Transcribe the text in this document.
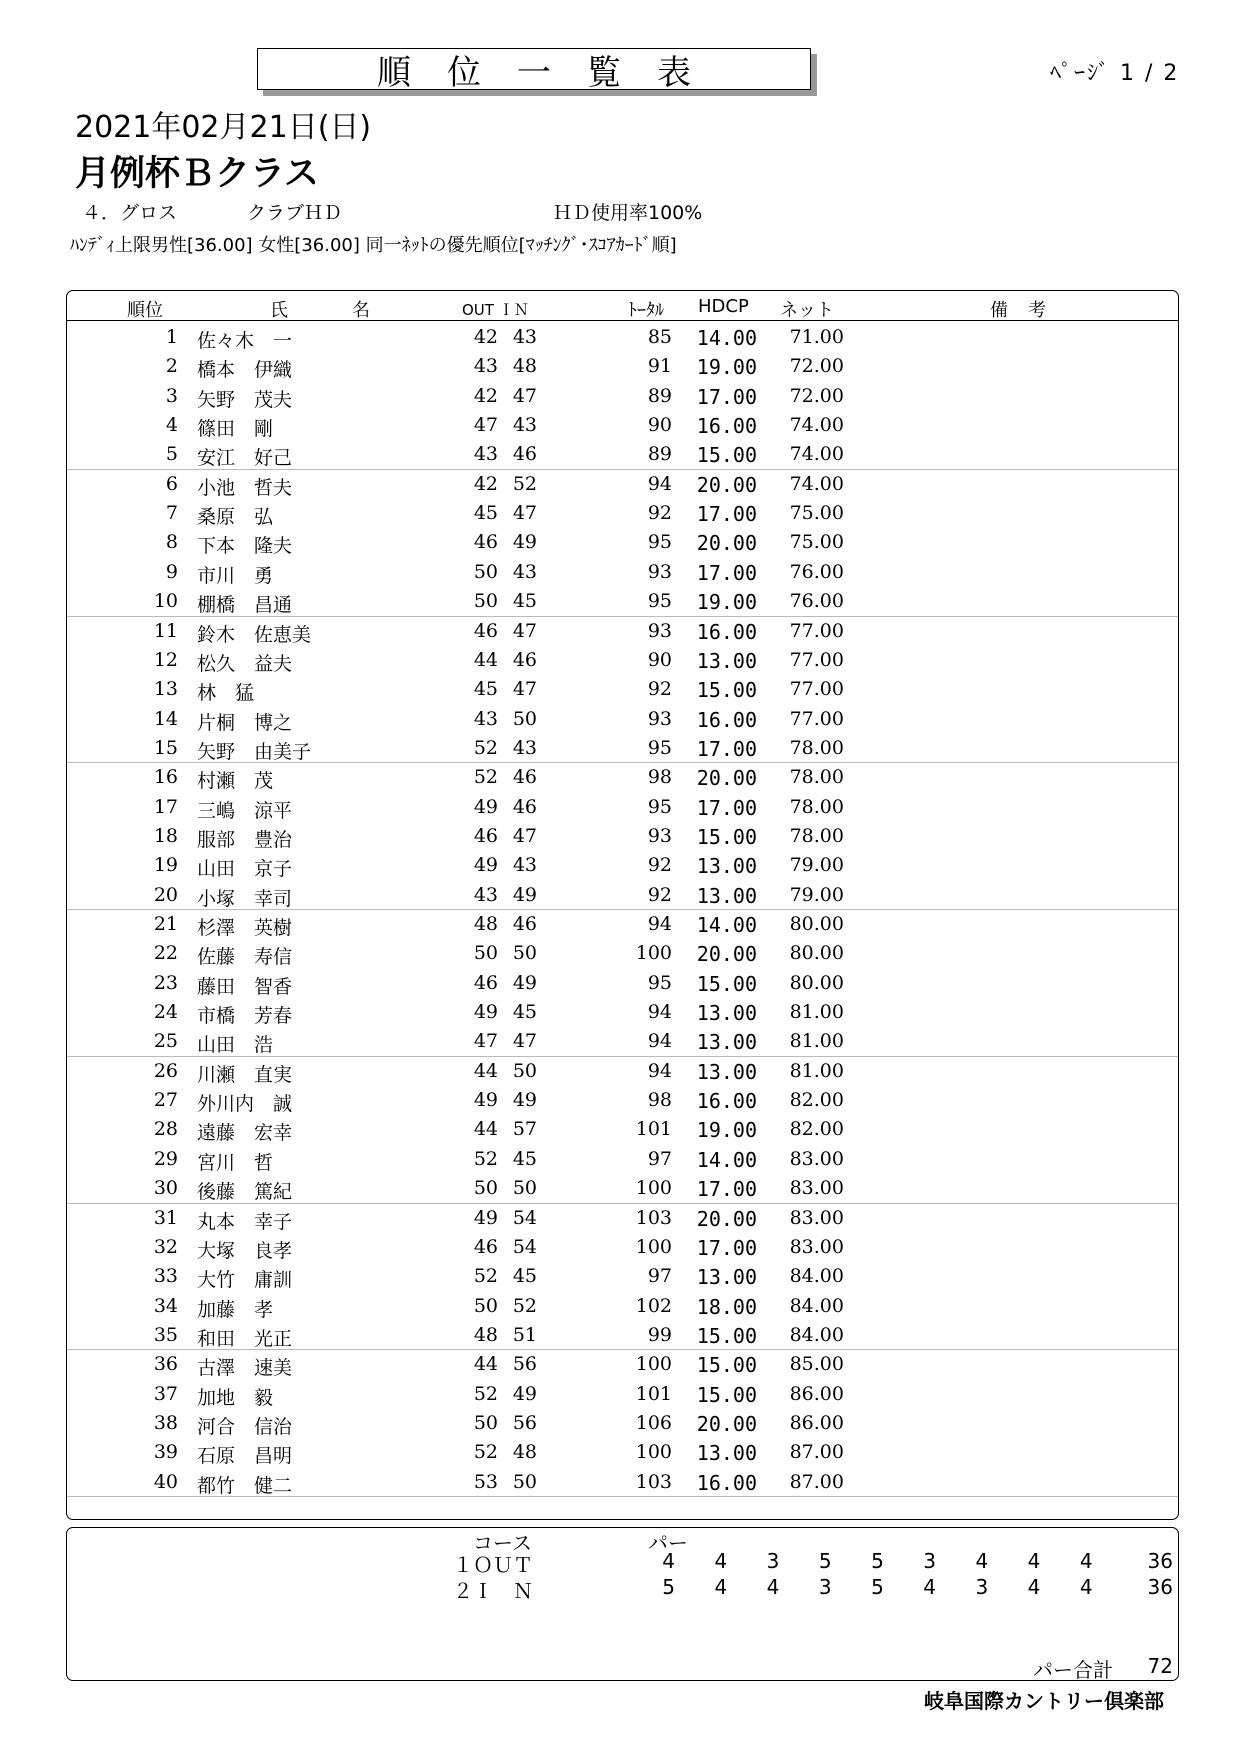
順位一覧表	ﾍﾟｰｼﾞ 1 / 2
2021年02月21日(日)
月例杯Ｂクラス
４．グロス	クラブＨＤ	ＨＤ使用率100%
ﾊﾝﾃﾞｨ上限男性[36.00] 女性[36.00] 同一ﾈｯﾄの優先順位[ﾏｯﾁﾝｸﾞ･ｽｺｱｶｰﾄﾞ順]
順位	氏	名	OUT ＩＮ	ﾄｰﾀﾙ HDCP ネット	備 考
1 佐々木　一	42 43	85 14.00 71.00
2 橋本　伊織	43 48	91 19.00 72.00
3 矢野　茂夫	42 47	89 17.00 72.00
4 篠田　剛	47 43	90 16.00 74.00
5 安江　好己	43 46	89 15.00 74.00
6 小池　哲夫	42 52	94 20.00 74.00
7 桑原　弘	45 47	92 17.00 75.00
8 下本　隆夫	46 49	95 20.00 75.00
9 市川　勇	50 43	93 17.00 76.00
10 棚橋　昌通	50 45	95 19.00 76.00
11 鈴木　佐恵美	46 47	93 16.00 77.00
12 松久　益夫	44 46	90 13.00 77.00
13 林　猛	45 47	92 15.00 77.00
14 片桐　博之	43 50	93 16.00 77.00
15 矢野　由美子	52 43	95 17.00 78.00
16 村瀬　茂	52 46	98 20.00 78.00
17 三嶋　涼平	49 46	95 17.00 78.00
18 服部　豊治	46 47	93 15.00 78.00
19 山田　京子	49 43	92 13.00 79.00
20 小塚　幸司	43 49	92 13.00 79.00
21 杉澤　英樹	48 46	94 14.00 80.00
22 佐藤　寿信	50 50	100 20.00 80.00
23 藤田　智香	46 49	95 15.00 80.00
24 市橋　芳春	49 45	94 13.00 81.00
25 山田　浩	47 47	94 13.00 81.00
26 川瀬　直実	44 50	94 13.00 81.00
27 外川内　誠	49 49	98 16.00 82.00
28 遠藤　宏幸	44 57	101 19.00 82.00
29 宮川　哲	52 45	97 14.00 83.00
30 後藤　篤紀	50 50	100 17.00 83.00
31 丸本　幸子	49 54	103 20.00 83.00
32 大塚　良孝	46 54	100 17.00 83.00
33 大竹　庸訓	52 45	97 13.00 84.00
34 加藤　孝	50 52	102 18.00 84.00
35 和田　光正	48 51	99 15.00 84.00
36 古澤　速美	44 56	100 15.00 85.00
37 加地　毅	52 49	101 15.00 86.00
38 河合　信治	50 56	106 20.00 86.00
39 石原　昌明	52 48	100 13.00 87.00
40 都竹　健二	53 50	103 16.00 87.00
コース	パー
１ＯＵＴ	4	4	3	5	5	3	4	4	4	36
２Ｉ　Ｎ	5	4	4	3	5	4	3	4	4	36
パー合計 72
岐阜国際カントリー倶楽部
